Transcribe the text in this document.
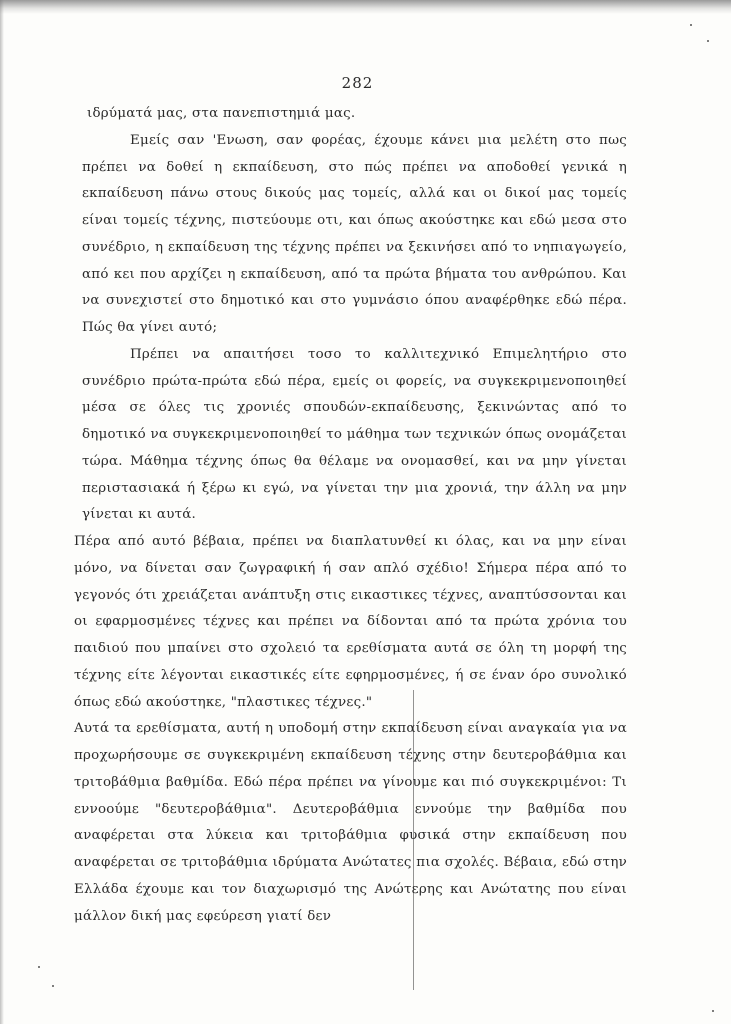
282

ιδρύματά μας, στα πανεπιστημιά μας.

Εμείς σαν 'Ενωση, σαν φορέας, έχουμε κάνει μια μελέτη στο πως πρέπει να δοθεί η εκπαίδευση, στο πώς πρέπει να αποδοθεί γενικά η εκπαίδευση πάνω στους δικούς μας τομείς, αλλά και οι δικοί μας τομείς είναι τομείς τέχνης, πιστεύουμε οτι, και όπως ακούστηκε και εδώ μεσα στο συνέδριο, η εκπαίδευση της τέχνης πρέπει να ξεκινήσει από το νηπιαγωγείο, από κει που αρχίζει η εκπαίδευση, από τα πρώτα βήματα του ανθρώπου. Και να συνεχιστεί στο δημοτικό και στο γυμνάσιο όπου αναφέρθηκε εδώ πέρα. Πώς θα γίνει αυτό;

Πρέπει να απαιτήσει τοσο το καλλιτεχνικό Επιμελητήριο στο συνέδριο πρώτα-πρώτα εδώ πέρα, εμείς οι φορείς, να συγκεκριμενοποιηθεί μέσα σε όλες τις χρονιές σπουδών-εκπαίδευσης, ξεκινώντας από το δημοτικό να συγκεκριμενοποιηθεί το μάθημα των τεχνικών όπως ονομάζεται τώρα. Μάθημα τέχνης όπως θα θέλαμε να ονομασθεί, και να μην γίνεται περιστασιακά ή ξέρω κι εγώ, να γίνεται την μια χρονιά, την άλλη να μην γίνεται κι αυτά.

Πέρα από αυτό βέβαια, πρέπει να διαπλατυνθεί κι όλας, και να μην είναι μόνο, να δίνεται σαν ζωγραφική ή σαν απλό σχέδιο! Σήμερα πέρα από το γεγονός ότι χρειάζεται ανάπτυξη στις εικαστικες τέχνες, αναπτύσσονται και οι εφαρμοσμένες τέχνες και πρέπει να δίδονται από τα πρώτα χρόνια του παιδιού που μπαίνει στο σχολειό τα ερεθίσματα αυτά σε όλη τη μορφή της τέχνης είτε λέγονται εικαστικές είτε εφηρμοσμένες, ή σε έναν όρο συνολικό όπως εδώ ακούστηκε, "πλαστικες τέχνες."

Αυτά τα ερεθίσματα, αυτή η υποδομή στην εκπαίδευση είναι αναγκαία για να προχωρήσουμε σε συγκεκριμένη εκπαίδευση τέχνης στην δευτεροβάθμια και τριτοβάθμια βαθμίδα. Εδώ πέρα πρέπει να γίνουμε και πιό συγκεκριμένοι: Τι εννοούμε "δευτεροβάθμια". Δευτεροβάθμια εννούμε την βαθμίδα που αναφέρεται στα λύκεια και τριτοβάθμια φυσικά στην εκπαίδευση που αναφέρεται σε τριτοβάθμια ιδρύματα Ανώτατες πια σχολές. Βέβαια, εδώ στην Ελλάδα έχουμε και τον διαχωρισμό της Ανώτερης και Ανώτατης που είναι μάλλον δική μας εφεύρεση γιατί δεν
